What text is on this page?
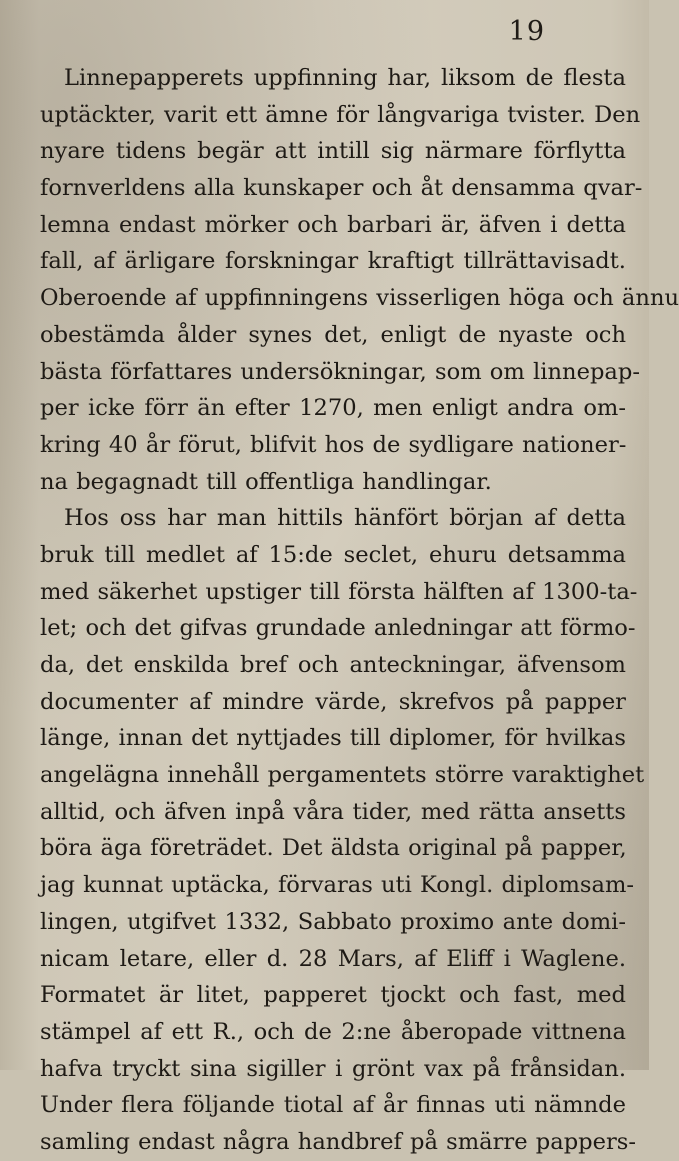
19
Linnepapperets uppfinning har, liksom de flesta
uptäckter, varit ett ämne för långvariga tvister. Den
nyare tidens begär att intill sig närmare förflytta
fornverldens alla kunskaper och åt densamma qvar-
lemna endast mörker och barbari är, äfven i detta
fall, af ärligare forskningar kraftigt tillrättavisadt.
Oberoende af uppfinningens visserligen höga och ännu
obestämda ålder synes det, enligt de nyaste och
bästa författares undersökningar, som om linnepap-
per icke förr än efter 1270, men enligt andra om-
kring 40 år förut, blifvit hos de sydligare nationer-
na begagnadt till offentliga handlingar.
Hos oss har man hittils hänfört början af detta
bruk till medlet af 15:de seclet, ehuru detsamma
med säkerhet upstiger till första hälften af 1300-ta-
let; och det gifvas grundade anledningar att förmo-
da, det enskilda bref och anteckningar, äfvensom
documenter af mindre värde, skrefvos på papper
länge, innan det nyttjades till diplomer, för hvilkas
angelägna innehåll pergamentets större varaktighet
alltid, och äfven inpå våra tider, med rätta ansetts
böra äga företrädet. Det äldsta original på papper,
jag kunnat uptäcka, förvaras uti Kongl. diplomsam-
lingen, utgifvet 1332, Sabbato proximo ante domi-
nicam letare, eller d. 28 Mars, af Eliff i Waglene.
Formatet är litet, papperet tjockt och fast, med
stämpel af ett R., och de 2:ne åberopade vittnena
hafva tryckt sina sigiller i grönt vax på frånsidan.
Under flera följande tiotal af år finnas uti nämnde
samling endast några handbref på smärre pappers-
